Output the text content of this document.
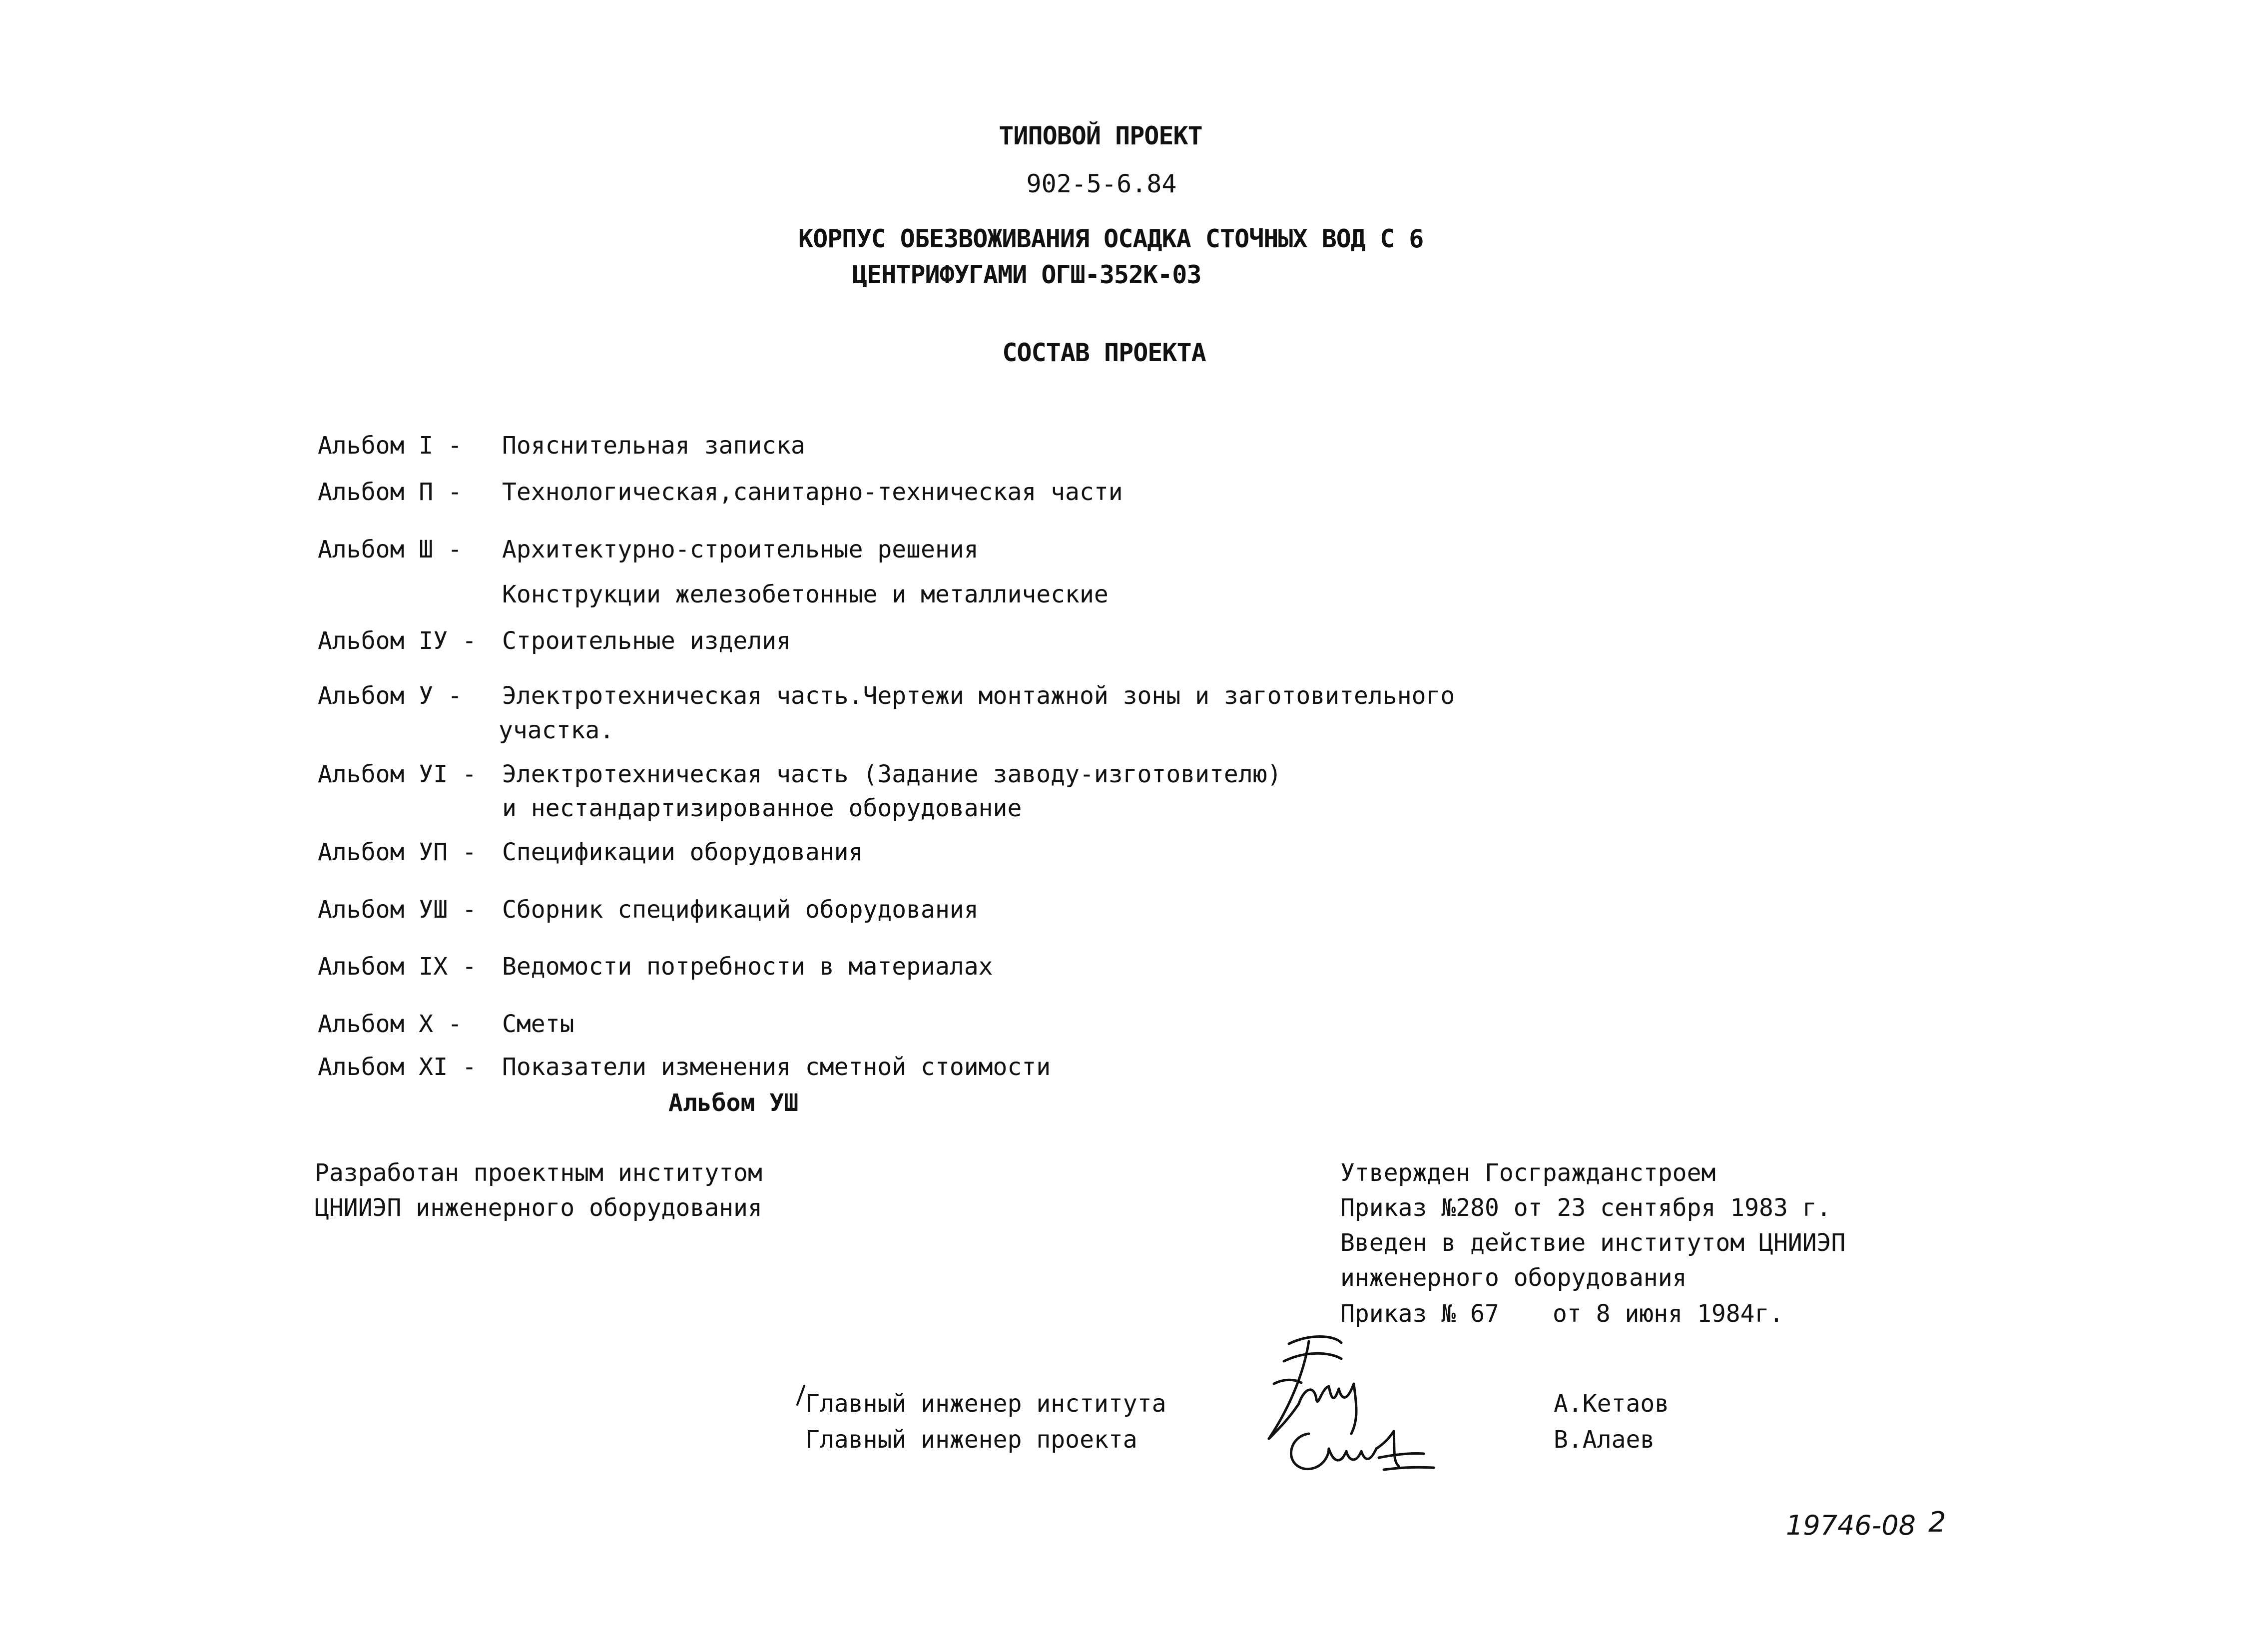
ТИПОВОЙ ПРОЕКТ
902-5-6.84
КОРПУС ОБЕЗВОЖИВАНИЯ ОСАДКА СТОЧНЫХ ВОД С 6
ЦЕНТРИФУГАМИ ОГШ-352К-03
СОСТАВ ПРОЕКТА
Альбом I - Пояснительная записка
Альбом П - Технологическая,санитарно-техническая части
Альбом Ш - Архитектурно-строительные решения
Конструкции железобетонные и металлические
Альбом IУ - Строительные изделия
Альбом У - Электротехническая часть.Чертежи монтажной зоны и заготовительного
участка.
Альбом УI - Электротехническая часть (Задание заводу-изготовителю)
и нестандартизированное оборудование
Альбом УП - Спецификации оборудования
Альбом УШ - Сборник спецификаций оборудования
Альбом IX - Ведомости потребности в материалах
Альбом X - Сметы
Альбом XI - Показатели изменения сметной стоимости
Альбом УШ
Разработан проектным институтом
ЦНИИЭП инженерного оборудования
Утвержден Госгражданстроем
Приказ №280 от 23 сентября 1983 г.
Введен в действие институтом ЦНИИЭП
инженерного оборудования
Приказ № 67 от 8 июня 1984г.
Главный инженер института
Главный инженер проекта
А.Кетаов
В.Алаев
19746-08 2
